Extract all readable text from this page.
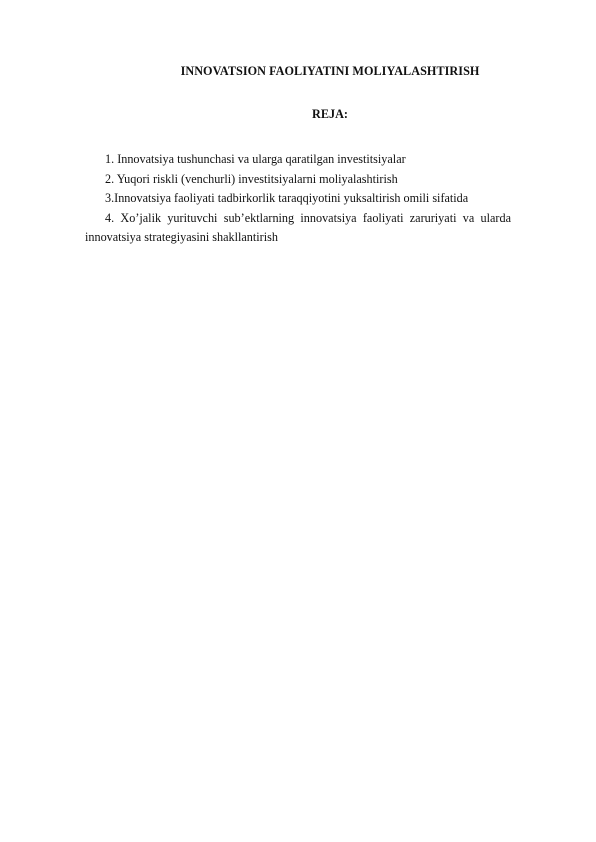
INNOVATSION FAOLIYATINI MOLIYALASHTIRISH
REJA:
1. Innovatsiya tushunchasi va ularga qaratilgan investitsiyalar
2. Yuqori riskli (venchurli) investitsiyalarni moliyalashtirish
3.Innovatsiya faoliyati tadbirkorlik taraqqiyotini yuksaltirish omili sifatida
4. Xo’jalik yurituvchi sub’ektlarning innovatsiya faoliyati zaruriyati va ularda innovatsiya strategiyasini shakllantirish
